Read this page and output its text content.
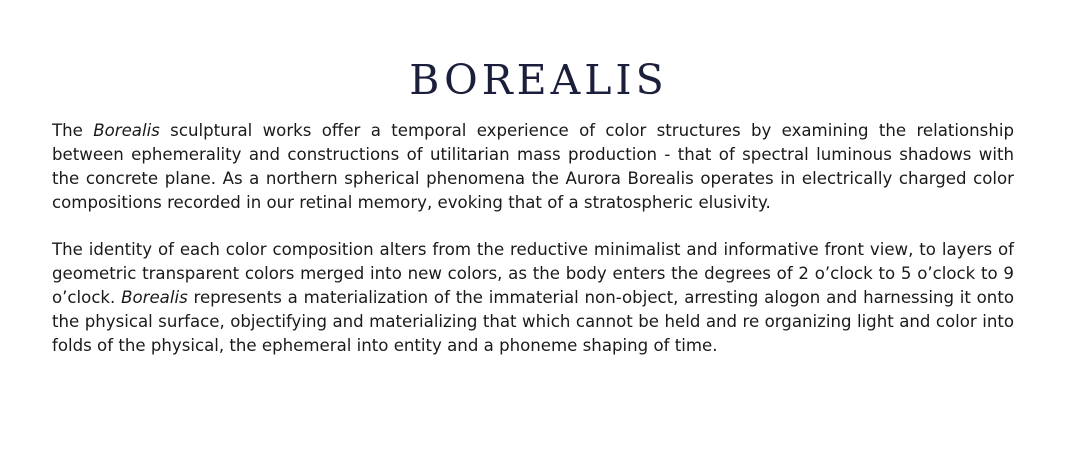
BOREALIS

The Borealis sculptural works offer a temporal experience of color structures by examining the relationship between ephemerality and constructions of utilitarian mass production - that of spectral luminous shadows with the concrete plane. As a northern spherical phenomena the Aurora Borealis operates in electrically charged color compositions recorded in our retinal memory, evoking that of a stratospheric elusivity.

The identity of each color composition alters from the reductive minimalist and informative front view, to layers of geometric transparent colors merged into new colors, as the body enters the degrees of 2 o’clock to 5 o’clock to 9 o’clock. Borealis represents a materialization of the immaterial non-object, arresting alogon and harnessing it onto the physical surface, objectifying and materializing that which cannot be held and re organizing light and color into folds of the physical, the ephemeral into entity and a phoneme shaping of time.
